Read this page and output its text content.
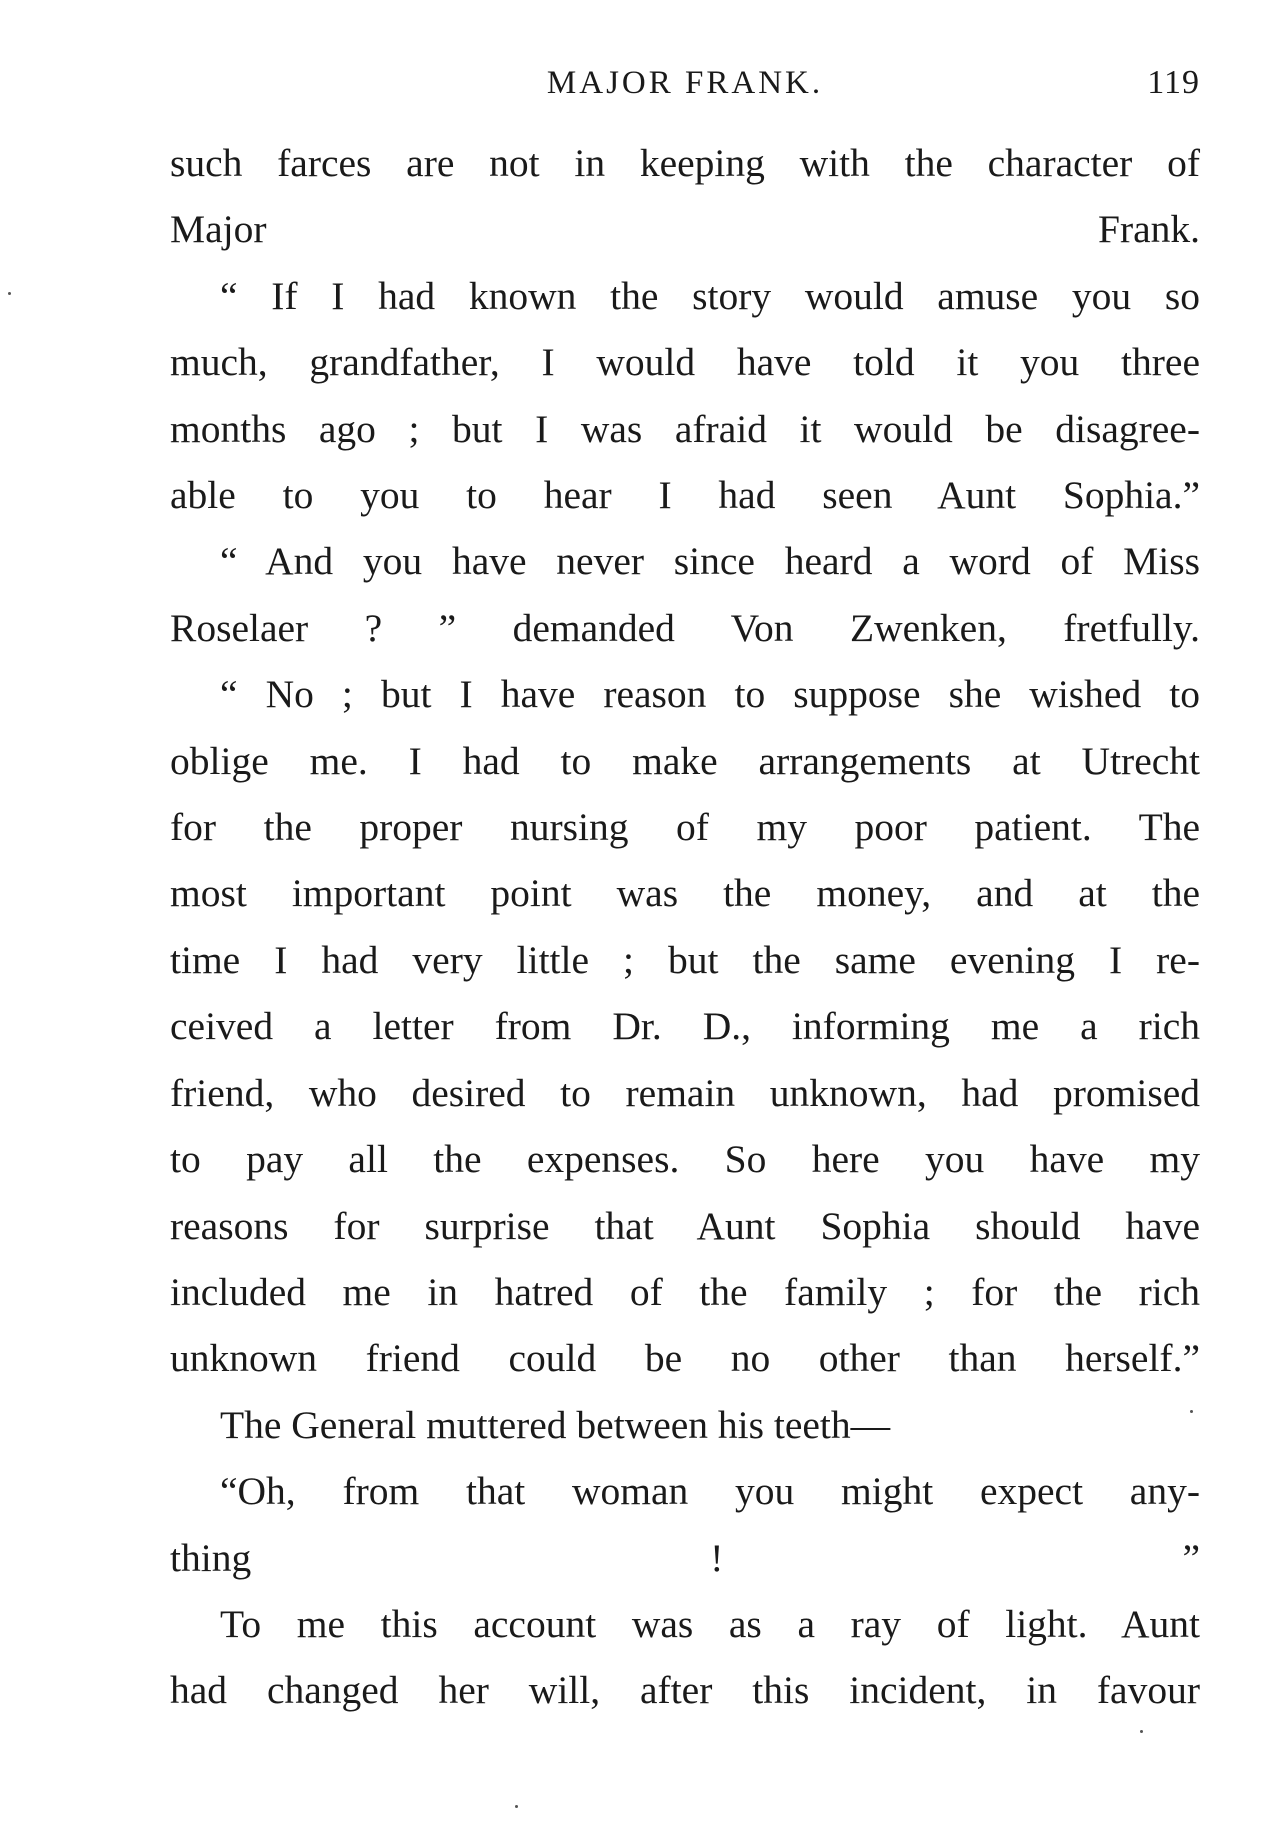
MAJOR FRANK.	119

such farces are not in keeping with the character of
Major Frank.

“ If I had known the story would amuse you so
much, grandfather, I would have told it you three
months ago ; but I was afraid it would be disagree-
able to you to hear I had seen Aunt Sophia.”

“ And you have never since heard a word of Miss
Roselaer ? ” demanded Von Zwenken, fretfully.

“ No ; but I have reason to suppose she wished to
oblige me. I had to make arrangements at Utrecht
for the proper nursing of my poor patient. The
most important point was the money, and at the
time I had very little ; but the same evening I re-
ceived a letter from Dr. D., informing me a rich
friend, who desired to remain unknown, had promised
to pay all the expenses. So here you have my
reasons for surprise that Aunt Sophia should have
included me in hatred of the family ; for the rich
unknown friend could be no other than herself.”

The General muttered between his teeth—

“Oh, from that woman you might expect any-
thing ! ”

To me this account was as a ray of light. Aunt
had changed her will, after this incident, in favour
